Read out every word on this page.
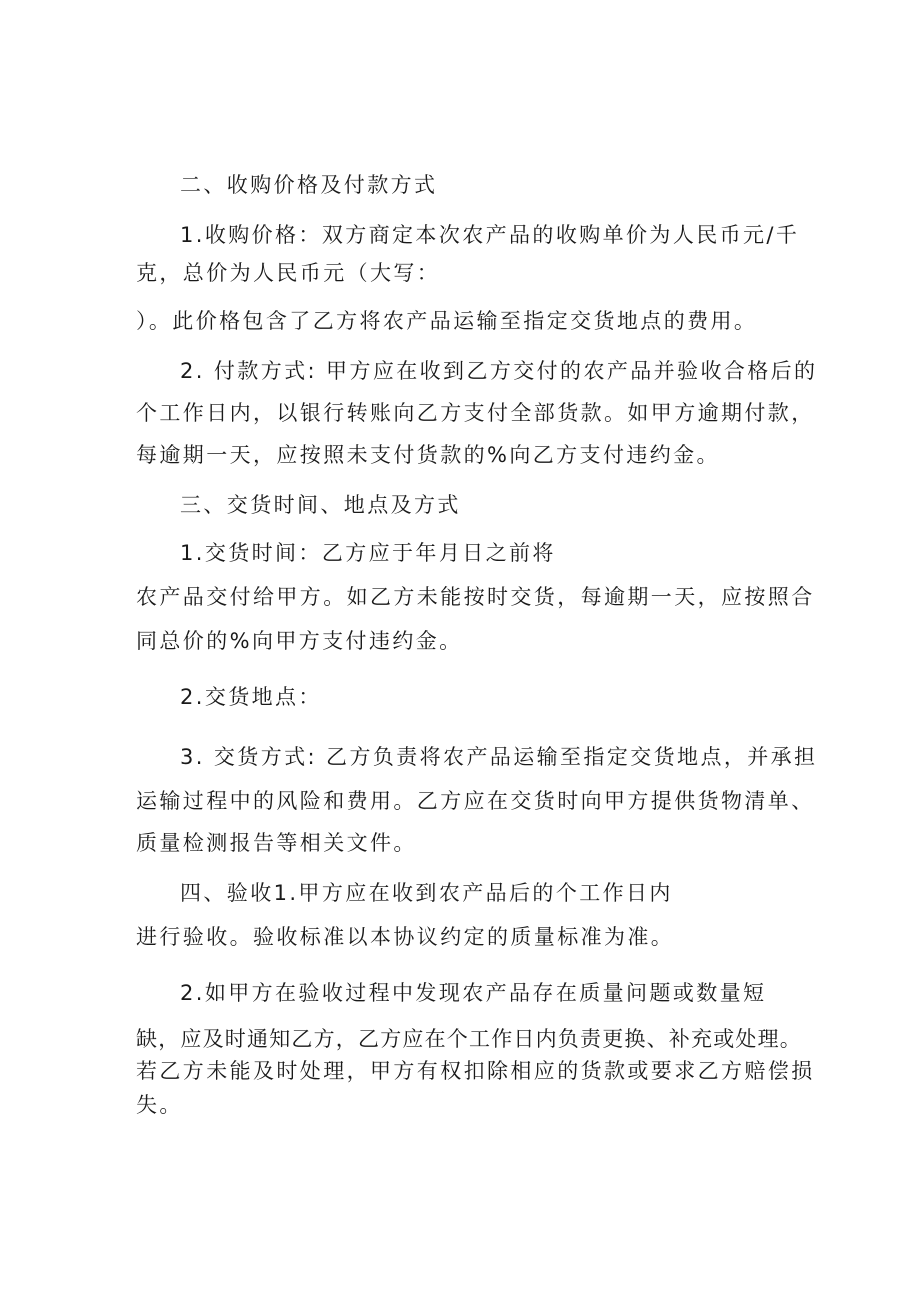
二、收购价格及付款方式
1.收购价格：双方商定本次农产品的收购单价为人民币元/千
克，总价为人民币元（大写：
）。此价格包含了乙方将农产品运输至指定交货地点的费用。
2. 付款方式: 甲方应在收到乙方交付的农产品并验收合格后的
个工作日内，以银行转账向乙方支付全部货款。如甲方逾期付款，
每逾期一天，应按照未支付货款的%向乙方支付违约金。
三、交货时间、地点及方式
1.交货时间：乙方应于年月日之前将
农产品交付给甲方。如乙方未能按时交货，每逾期一天，应按照合
同总价的%向甲方支付违约金。
2.交货地点：
3. 交货方式: 乙方负责将农产品运输至指定交货地点，并承担
运输过程中的风险和费用。乙方应在交货时向甲方提供货物清单、
质量检测报告等相关文件。
四、验收1.甲方应在收到农产品后的个工作日内
进行验收。验收标准以本协议约定的质量标准为准。
2.如甲方在验收过程中发现农产品存在质量问题或数量短
缺，应及时通知乙方，乙方应在个工作日内负责更换、补充或处理。
若乙方未能及时处理，甲方有权扣除相应的货款或要求乙方赔偿损
失。
